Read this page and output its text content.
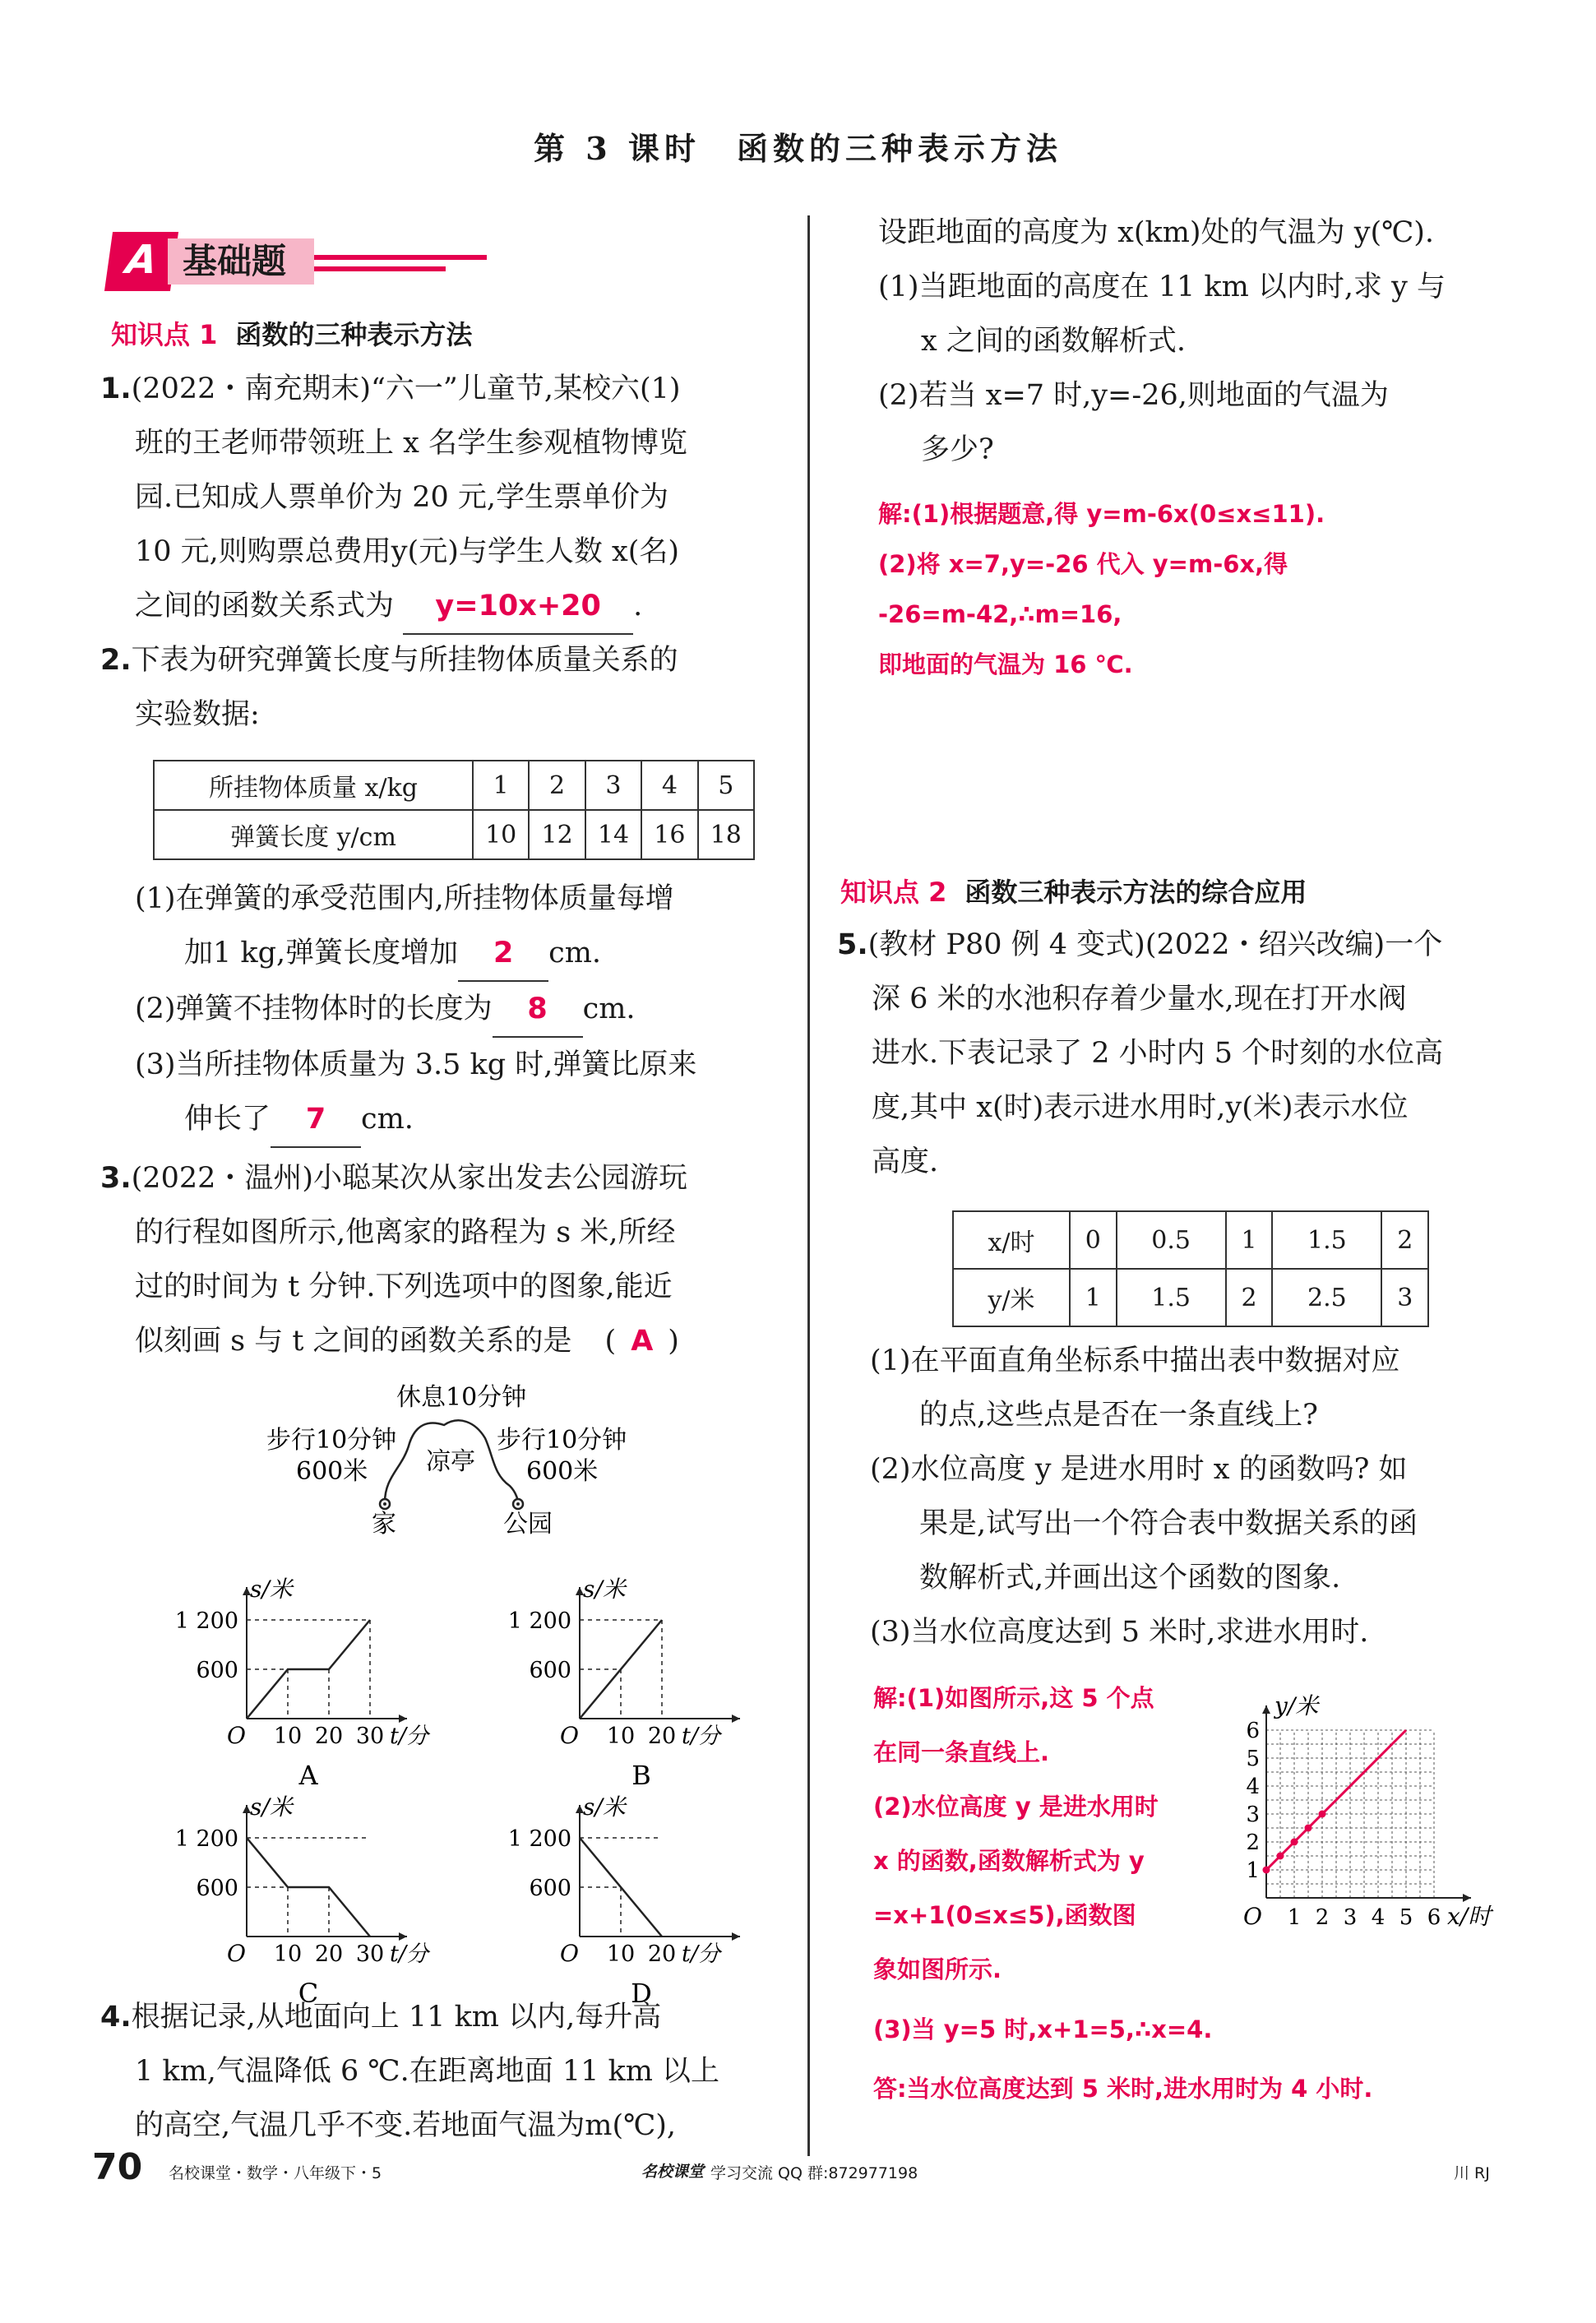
第 3 课时　函数的三种表示方法
A 基础题
知识点 1 函数的三种表示方法
1.(2022・南充期末)“六一”儿童节,某校六(1)
班的王老师带领班上 x 名学生参观植物博览
园.已知成人票单价为 20 元,学生票单价为
10 元,则购票总费用y(元)与学生人数 x(名)
之间的函数关系式为 y=10x+20 .
2.下表为研究弹簧长度与所挂物体质量关系的
实验数据:
所挂物体质量 x/kg	1	2	3	4	5
弹簧长度 y/cm	10	12	14	16	18
(1)在弹簧的承受范围内,所挂物体质量每增
加1 kg,弹簧长度增加 2 cm.
(2)弹簧不挂物体时的长度为 8 cm.
(3)当所挂物体质量为 3.5 kg 时,弹簧比原来
伸长了 7 cm.
3.(2022・温州)小聪某次从家出发去公园游玩
的行程如图所示,他离家的路程为 s 米,所经
过的时间为 t 分钟.下列选项中的图象,能近
似刻画 s 与 t 之间的函数关系的是 ( A )
休息10分钟
步行10分钟
600米 凉亭
步行10分钟
600米
家	公园
s/米
O
1 200
600
10 20 30 t/分
A
s/米
O
1 200
600
10 20 t/分
B
s/米
O
1 200
600
10 20 30 t/分
C
s/米
O
1 200
600
10 20 t/分
D
4.根据记录,从地面向上 11 km 以内,每升高
1 km,气温降低 6 ℃.在距离地面 11 km 以上
的高空,气温几乎不变.若地面气温为m(℃),
设距地面的高度为 x(km)处的气温为 y(℃).
(1)当距地面的高度在 11 km 以内时,求 y 与
x 之间的函数解析式.
(2)若当 x=7 时,y=-26,则地面的气温为
多少?
解:(1)根据题意,得 y=m-6x(0≤x≤11).
(2)将 x=7,y=-26 代入 y=m-6x,得
-26=m-42,∴m=16,
即地面的气温为 16 ℃.
知识点 2 函数三种表示方法的综合应用
5.(教材 P80 例 4 变式)(2022・绍兴改编)一个
深 6 米的水池积存着少量水,现在打开水阀
进水.下表记录了 2 小时内 5 个时刻的水位高
度,其中 x(时)表示进水用时,y(米)表示水位
高度.
x/时	0	0.5	1	1.5	2
y/米	1	1.5	2	2.5	3
(1)在平面直角坐标系中描出表中数据对应
的点,这些点是否在一条直线上?
(2)水位高度 y 是进水用时 x 的函数吗? 如
果是,试写出一个符合表中数据关系的函
数解析式,并画出这个函数的图象.
(3)当水位高度达到 5 米时,求进水用时.
解:(1)如图所示,这 5 个点
在同一条直线上.
(2)水位高度 y 是进水用时
x 的函数,函数解析式为 y
=x+1(0≤x≤5),函数图
象如图所示.
(3)当 y=5 时,x+1=5,∴x=4.
答:当水位高度达到 5 米时,进水用时为 4 小时.
y/米
O 1 2 3 4 5 6
1
2
3
4
5
6
x/时
70 名校课堂・数学・八年级下・5	名校课堂 学习交流 QQ 群:872977198	川 RJ
